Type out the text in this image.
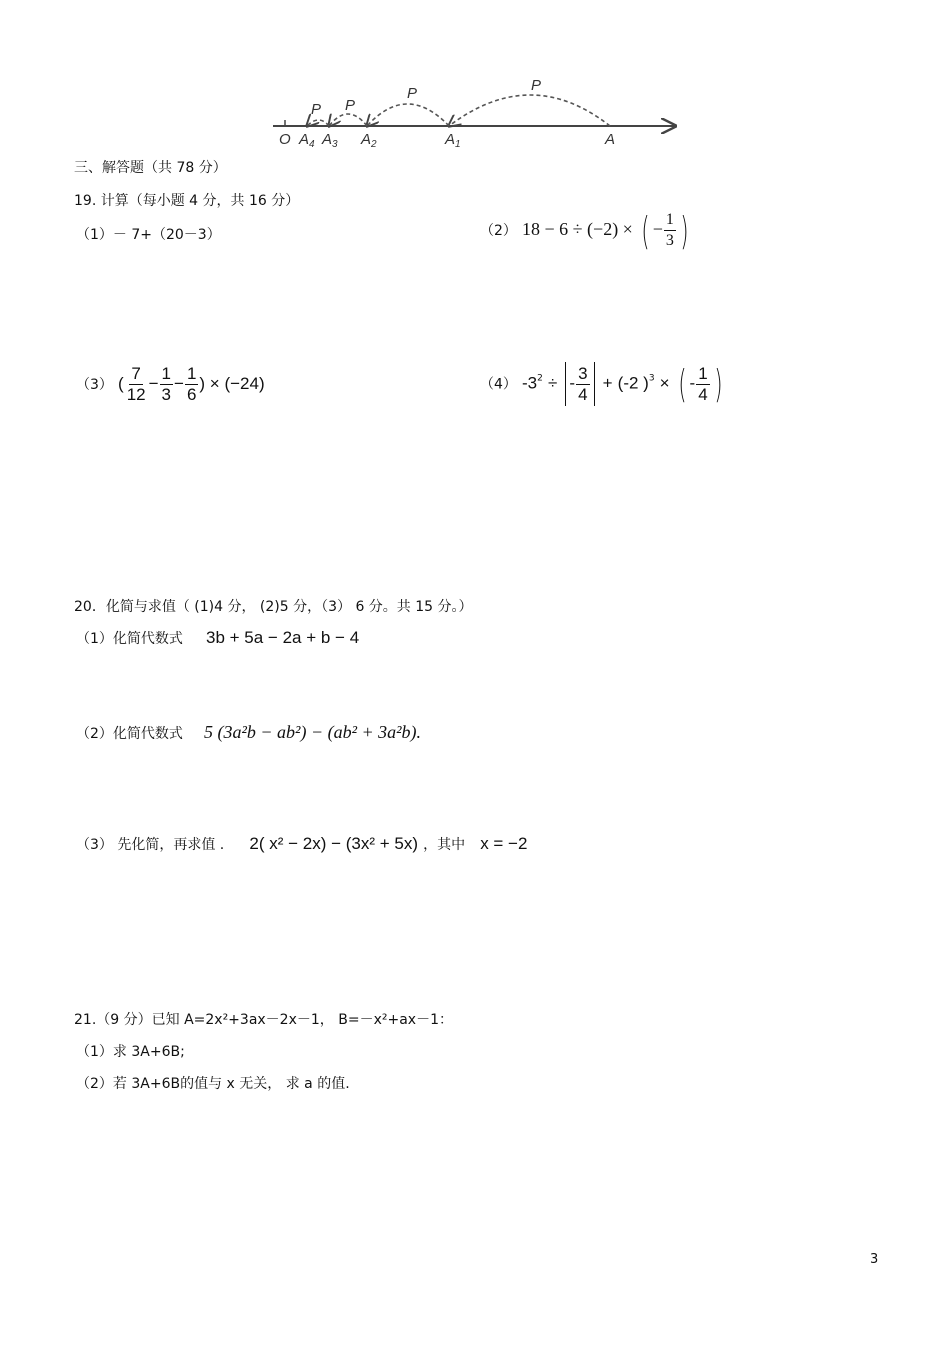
P
P
P
P
O $A_4$ $A_3$ $A_2$	$A_1$	A
三、解答题（共 78 分）
19. 计算（每小题 4 分，共 16 分）
（1）－ 7+（20－3）	（2） 18 − 6 ÷ (−2) × ( − $\frac{1}{3}$ )
（3） ( $\frac{7}{12} - \frac{1}{3} - \frac{1}{6}$ ) × (−24)	（4） $-3^2$ ÷ - $\frac{3}{4} + (-2$ )$^3$ × ( - $\frac{1}{4}$ )
20．化简与求值（ (1)4 分， (2)5 分，（3） 6 分。共 15 分。）
（1）化简代数式 3b + 5a − 2a + b − 4
（2）化简代数式 5 (3a²b − ab²) − (ab² + 3a²b).
（3） 先化简，再求值 . 2( x² − 2x) − (3x² + 5x) ，其中 x = −2
21.（9 分）已知 A=2x²+3ax－2x－1， B=－x²+ax－1：
（1）求 3A+6B;
（2）若 3A+6B的值与 x 无关， 求 a 的值.
3
